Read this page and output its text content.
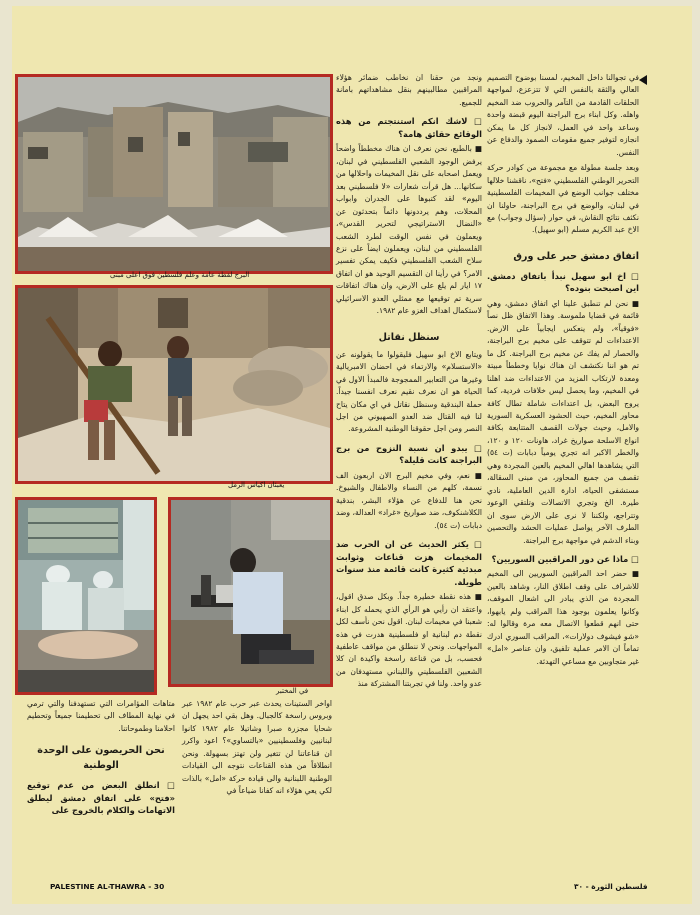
في تجوالنا داخل المخيم، لمسنا بوضوح التصميم العالي والثقة بالنفس التي لا تتزعزع، لمواجهة الحلقات القادمة من التآمر والحروب ضد المخيم واهله. وكل ابناء برج البراجنة اليوم قبضة واحدة وساعد واحد في العمل، لانجاز كل ما يمكن انجازه لتوفير جميع مقومات الصمود والدفاع عن النفس.

وبعد جلسة مطولة مع مجموعة من كوادر حركة التحرير الوطني الفلسطيني «فتح»، ناقشنا خلالها مختلف جوانب الوضع في المخيمات الفلسطينية في لبنان، والوضع في برج البراجنة، حاولنا ان نكثف نتائج النقاش، في حوار (سؤال وجواب) مع الاخ عبد الكريم مسلم (ابو سهيل).

اتفاق دمشق حبر على ورق
□ اخ ابو سهيل نبدأ باتفاق دمشق. اين اصبحت بنوده؟

■ نحن لم تنطبق علينا اي اتفاق دمشق، وهي قائمة في قضايا ملموسة. وهذا الاتفاق ظل نصاً «فوقياً»، ولم ينعكس ايجابياً على الارض. الاعتداءات لم تتوقف على مخيم برج البراجنة، والحصار لم يفك عن مخيم برج البراجنة. كل ما تم هو اننا نكتشف ان هناك نوايا وخططاً مبيتة ومعدة لارتكاب المزيد من الاعتداءات ضد اهلنا في المخيم، وما يحصل ليس خلافات فردية، كما يروج البعض، بل اعتداءات شاملة تطال كافة محاور المخيم، حيث الحشود العسكرية السورية والامل، وحيث جولات القصف المتتابعة بكافة انواع الاسلحة صواريخ غراد، هاونات ١٢٠ و ١٢٠، والخطر الاكبر انه تجري يومياً دبابات (ت ٥٤) التي يشاهدها اهالي المخيم بالعين المجردة وهي تقصف من جميع المحاور، من مبنى السقالة، مستشفى الحياة، ادارة الدين العاملية، نادي طيرة. الخ وتجري الاتصالات وتلتقي الوعود وتتراجع، ولكننا لا نرى على الارض سوى ان الطرف الآخر يواصل عمليات الحشد والتحصين وبناء الدشم في مواجهة برج البراجنة.

□ ماذا عن دور المراقبين السوريين؟

■ حضر احد المراقبين السوريين الى المخيم للاشراف على وقف اطلاق النار، وشاهد بالعين المجردة من الذي يبادر الى اشعال الموقف، وكانوا يعلمون بوجود هذا المراقب ولم يابهوا، حتى انهم قطعوا الاتصال معه مرة وقالوا له: «شو فيشوف دولارات»، المراقب السوري ادرك تماماً ان الامر عملية تلفيق، وان عناصر «امل» غير متجاوبين مع مساعي التهدئة.

ونجد من حقنا ان نخاطب ضمائر هؤلاء المراقبين مطالبينهم بنقل مشاهداتهم بامانة للجميع.

□ لاشك انكم استنتجتم من هذه الوقائع حقائق هامة؟

■ بالطبع، نحن نعرف ان هناك مخططاً واضحاً يرفض الوجود الشعبي الفلسطيني في لبنان، ويعمل اصحابه على نقل المخيمات واحلالها من سكانها... هل قرأت شعارات «لا فلسطيني بعد اليوم» لقد كتبوها على الجدران وابواب المحلات، وهم يرددونها دائماً بتحدثون عن «النضال الاستراتيجي لتحرير القدس»، ويعملون في نفس الوقت لطرد الشعب الفلسطيني من لبنان، ويعملون ايضاً على نزع سلاح الشعب الفلسطيني فكيف يمكن تفسير الامر؟ في رأينا ان التقسيم الوحيد هو ان اتفاق ١٧ ايار لم يلغ على الارض، وان هناك اتفاقات سرية تم توقيعها مع ممثلي العدو الاسرائيلي لاستكمال اهداف الغزو عام ١٩٨٢.

سنظل نقاتل

ويتابع الاخ ابو سهيل فليقولوا ما يقولونه عن «الاستسلام» والارتماء في احضان الامبريالية وغيرها من التعابير الممجوجة فالمبدأ الاول في الحياة هو ان نعرف نقيم نعرف انفسنا جيداً. حملة البندقية وسنظل نقاتل في اي مكان يتاح لنا فيه القتال ضد العدو الصهيوني من اجل النصر ومن اجل حقوقنا الوطنية المشروعة.

□ يبدو ان نسبة النزوح من برج البراجنة كانت قليلة؟

■ نعم، وفي مخيم البرج الان اربعون الف نسمة، كلهم من النساء والاطفال والشيوخ. نحن هنا للدفاع عن هؤلاء البشر، بندقية الكلاشنكوف، ضد صواريخ «غراد» العدالة، وضد دبابات (ت ٥٤).

□ يكثر الحديث عن ان الحرب ضد المخيمات هزت قناعات وثوابت مبدئية كثيرة كانت قائمة منذ سنوات طويلة.

■ هذه نقطة خطيرة جداً. وبكل صدق اقول، واعتقد ان رأيي هو الرأي الذي يحمله كل ابناء شعبنا في مخيمات لبنان. اقول نحن نأسف لكل نقطة دم لبنانية او فلسطينية هدرت في هذه المواجهات. ونحن لا ننطلق من مواقف عاطفية فحسب، بل من قناعة راسخة واكيدة ان كلا الشعبين الفلسطيني واللبناني مستهدفان من عدو واحد. ولنا في تجربتنا المشتركة منذ

اواخر الستينات يحدث عبر حرب عام ١٩٨٢ عبر وبروس راسخة كالجبال. وهل بقي احد يجهل ان شحايا مجزرة صبرا وشاتيلا عام ١٩٨٢ كانوا لبنانيين وفلسطينيين «بالتساوي»؟ اعود واكرر ان قناعاتنا لن تتغير ولن تهتز بسهولة. ونحن انطلاقاً من هذه القناعات نتوجه الى القيادات الوطنية اللبنانية والى قيادة حركة «امل» بالذات لكي يعي هؤلاء انه كفانا ضياعاً في

متاهات المؤامرات التي تستهدفنا والتي ترمي في نهاية المطاف الى تحطيمنا جميعاً وتحطيم احلامنا وطموحاتنا.

نحن الحريصون على الوحدة الوطنية
□ انطلق البعض من عدم توقيع «فتح» على اتفاق دمشق ليطلق الاتهامات والكلام بالخروج على
البرج لقطة عامة وعلم فلسطين فوق اعلى مبنى
يعبئان اكياس الرمل
في المختبر
PALESTINE AL-THAWRA - 30	فلسطين الثورة - ٣٠
